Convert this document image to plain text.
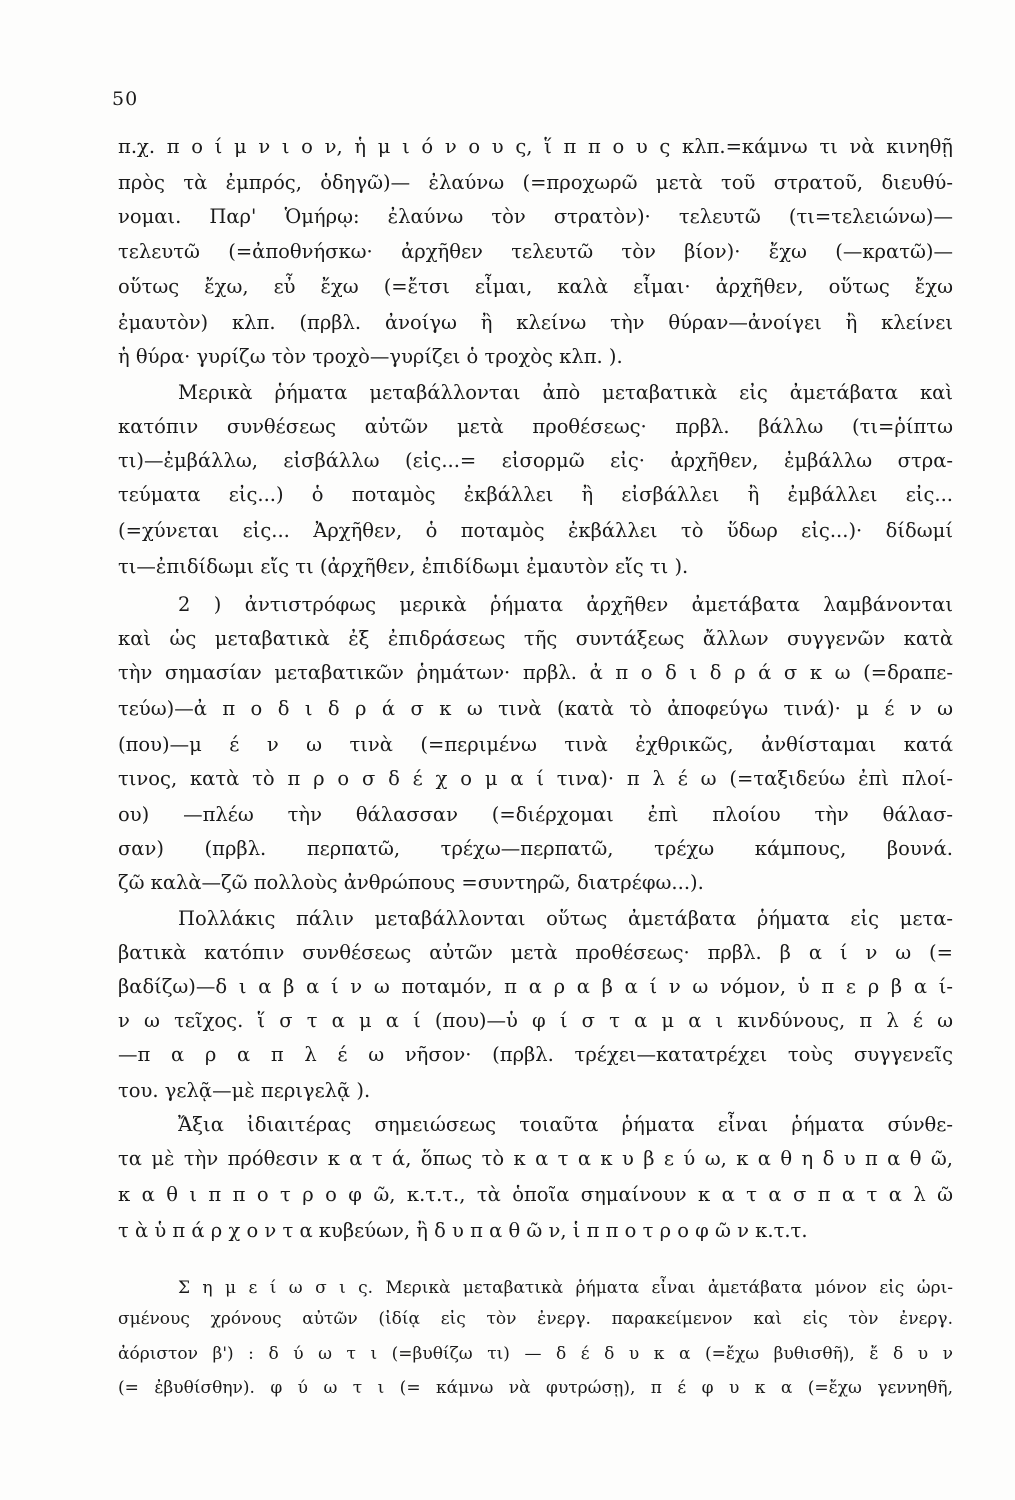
50
π.χ. π ο ί μ ν ι ο ν, ἡ μ ι ό ν ο υ ς, ἵ π π ο υ ς κλπ.=κάμνω τι νὰ κινηθῇ
πρὸς τὰ ἐμπρός, ὁδηγῶ)— ἐλαύνω (=προχωρῶ μετὰ τοῦ στρατοῦ, διευθύ-
νομαι. Παρ' Ὁμήρῳ: ἐλαύνω τὸν στρατὸν)· τελευτῶ (τι=τελειώνω)—
τελευτῶ (=ἀποθνήσκω· ἀρχῆθεν τελευτῶ τὸν βίον)· ἔχω (—κρατῶ)—
οὕτως ἔχω, εὖ ἔχω (=ἔτσι εἶμαι, καλὰ εἶμαι· ἀρχῆθεν, οὕτως ἔχω
ἐμαυτὸν) κλπ. (πρβλ. ἀνοίγω ἢ κλείνω τὴν θύραν—ἀνοίγει ἢ κλείνει
ἡ θύρα· γυρίζω τὸν τροχὸ—γυρίζει ὁ τροχὸς κλπ. ).
Μερικὰ ῥήματα μεταβάλλονται ἀπὸ μεταβατικὰ εἰς ἀμετάβατα καὶ
κατόπιν συνθέσεως αὐτῶν μετὰ προθέσεως· πρβλ. βάλλω (τι=ῥίπτω
τι)—ἐμβάλλω, εἰσβάλλω (εἰς...= εἰσορμῶ εἰς· ἀρχῆθεν, ἐμβάλλω στρα-
τεύματα εἰς...) ὁ ποταμὸς ἐκβάλλει ἢ εἰσβάλλει ἢ ἐμβάλλει εἰς...
(=χύνεται εἰς... Ἀρχῆθεν, ὁ ποταμὸς ἐκβάλλει τὸ ὕδωρ εἰς...)· δίδωμί
τι—ἐπιδίδωμι εἴς τι (ἀρχῆθεν, ἐπιδίδωμι ἐμαυτὸν εἴς τι ).
2 ) ἀντιστρόφως μερικὰ ῥήματα ἀρχῆθεν ἀμετάβατα λαμβάνονται
καὶ ὡς μεταβατικὰ ἐξ ἐπιδράσεως τῆς συντάξεως ἄλλων συγγενῶν κατὰ
τὴν σημασίαν μεταβατικῶν ῥημάτων· πρβλ. ἀ π ο δ ι δ ρ ά σ κ ω (=δραπε-
τεύω)—ἀ π ο δ ι δ ρ ά σ κ ω τινὰ (κατὰ τὸ ἀποφεύγω τινά)· μ έ ν ω
(που)—μ έ ν ω τινὰ (=περιμένω τινὰ ἐχθρικῶς, ἀνθίσταμαι κατά
τινος, κατὰ τὸ π ρ ο σ δ έ χ ο μ α ί τινα)· π λ έ ω (=ταξιδεύω ἐπὶ πλοί-
ου) —πλέω τὴν θάλασσαν (=διέρχομαι ἐπὶ πλοίου τὴν θάλασ-
σαν) (πρβλ. περπατῶ, τρέχω—περπατῶ, τρέχω κάμπους, βουνά.
ζῶ καλὰ—ζῶ πολλοὺς ἀνθρώπους =συντηρῶ, διατρέφω...).
Πολλάκις πάλιν μεταβάλλονται οὕτως ἀμετάβατα ῥήματα εἰς μετα-
βατικὰ κατόπιν συνθέσεως αὐτῶν μετὰ προθέσεως· πρβλ. β α ί ν ω (=
βαδίζω)—δ ι α β α ί ν ω ποταμόν, π α ρ α β α ί ν ω νόμον, ὑ π ε ρ β α ί-
ν ω τεῖχος. ἵ σ τ α μ α ί (που)—ὑ φ ί σ τ α μ α ι κινδύνους, π λ έ ω
—π α ρ α π λ έ ω νῆσον· (πρβλ. τρέχει—κατατρέχει τοὺς συγγενεῖς
του. γελᾷ—μὲ περιγελᾷ ).
Ἄξια ἰδιαιτέρας σημειώσεως τοιαῦτα ῥήματα εἶναι ῥήματα σύνθε-
τα μὲ τὴν πρόθεσιν κ α τ ά, ὅπως τὸ κ α τ α κ υ β ε ύ ω, κ α θ η δ υ π α θ ῶ,
κ α θ ι π π ο τ ρ ο φ ῶ, κ.τ.τ., τὰ ὁποῖα σημαίνουν κ α τ α σ π α τ α λ ῶ
τ ὰ ὑ π ά ρ χ ο ν τ α κυβεύων, ἢ δ υ π α θ ῶ ν, ἱ π π ο τ ρ ο φ ῶ ν κ.τ.τ.
Σ η μ ε ί ω σ ι ς. Μερικὰ μεταβατικὰ ῥήματα εἶναι ἀμετάβατα μόνον εἰς ὡρι-
σμένους χρόνους αὐτῶν (ἰδίᾳ εἰς τὸν ἐνεργ. παρακείμενον καὶ εἰς τὸν ἐνεργ.
ἀόριστον β') : δ ύ ω τ ι (=βυθίζω τι) — δ έ δ υ κ α (=ἔχω βυθισθῆ), ἔ δ υ ν
(= ἐβυθίσθην). φ ύ ω τ ι (= κάμνω νὰ φυτρώσῃ), π έ φ υ κ α (=ἔχω γεννηθῆ,
